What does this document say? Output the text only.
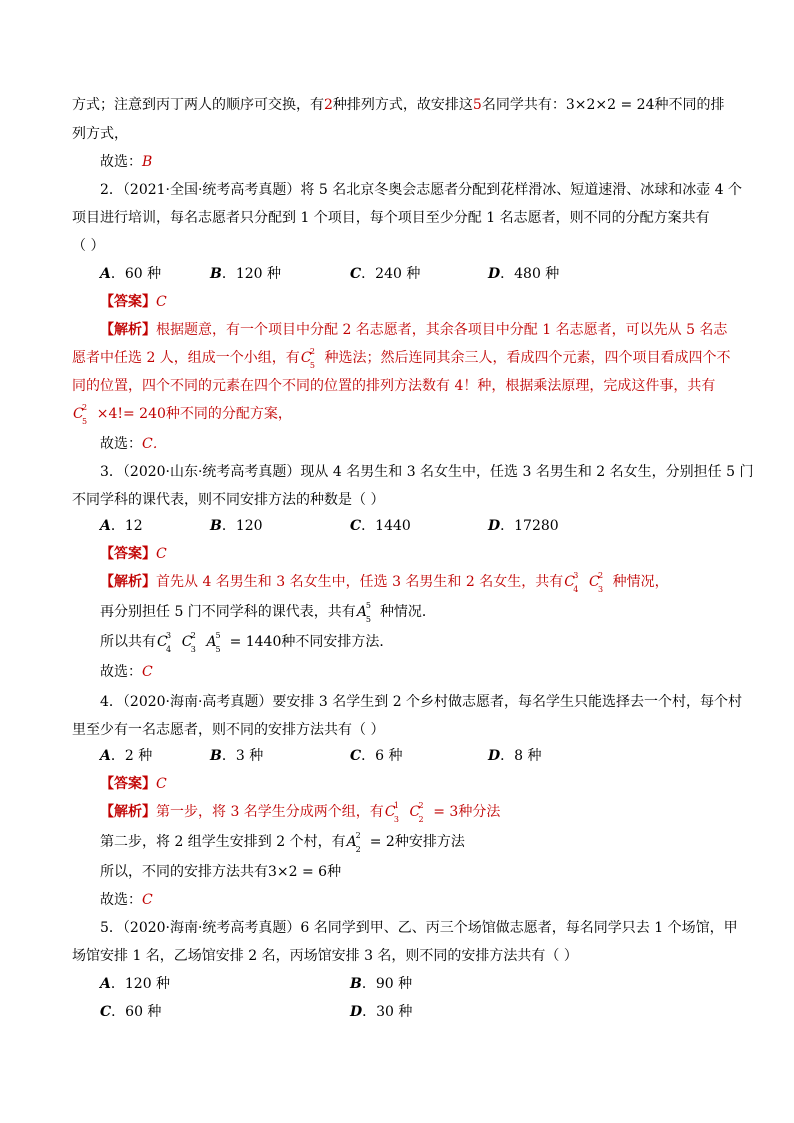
方式；注意到丙丁两人的顺序可交换，有2种排列方式，故安排这5名同学共有：3×2×2 = 24种不同的排
列方式，
故选：B
2．（2021·全国·统考高考真题）将 5 名北京冬奥会志愿者分配到花样滑冰、短道速滑、冰球和冰壶 4 个
项目进行培训，每名志愿者只分配到 1 个项目，每个项目至少分配 1 名志愿者，则不同的分配方案共有
（ ）
A．60 种	B．120 种	C．240 种	D．480 种
【答案】C
【解析】根据题意，有一个项目中分配 2 名志愿者，其余各项目中分配 1 名志愿者，可以先从 5 名志
愿者中任选 2 人，组成一个小组，有C
2
5 种选法；然后连同其余三人，看成四个元素，四个项目看成四个不
同的位置，四个不同的元素在四个不同的位置的排列方法数有 4！种，根据乘法原理，完成这件事，共有
C
2
5 ×4!= 240种不同的分配方案，
故选：C．
3．（2020·山东·统考高考真题）现从 4 名男生和 3 名女生中，任选 3 名男生和 2 名女生，分别担任 5 门
不同学科的课代表，则不同安排方法的种数是（ ）
A．12	B．120	C．1440	D．17280
【答案】C
【解析】首先从 4 名男生和 3 名女生中，任选 3 名男生和 2 名女生，共有C
3
4 C
2
3 种情况，
再分别担任 5 门不同学科的课代表，共有A
5
5 种情况．
所以共有C
3
4 C
2
3 A
5
5 = 1440种不同安排方法．
故选：C
4．（2020·海南·高考真题）要安排 3 名学生到 2 个乡村做志愿者，每名学生只能选择去一个村，每个村
里至少有一名志愿者，则不同的安排方法共有（ ）
A．2 种	B．3 种	C．6 种	D．8 种
【答案】C
【解析】第一步，将 3 名学生分成两个组，有C
1
3 C
2
2 = 3种分法
第二步，将 2 组学生安排到 2 个村，有A
2
2 = 2种安排方法
所以，不同的安排方法共有3×2 = 6种
故选：C
5．（2020·海南·统考高考真题）6 名同学到甲、乙、丙三个场馆做志愿者，每名同学只去 1 个场馆，甲
场馆安排 1 名，乙场馆安排 2 名，丙场馆安排 3 名，则不同的安排方法共有（ ）
A．120 种	B．90 种
C．60 种	D．30 种
